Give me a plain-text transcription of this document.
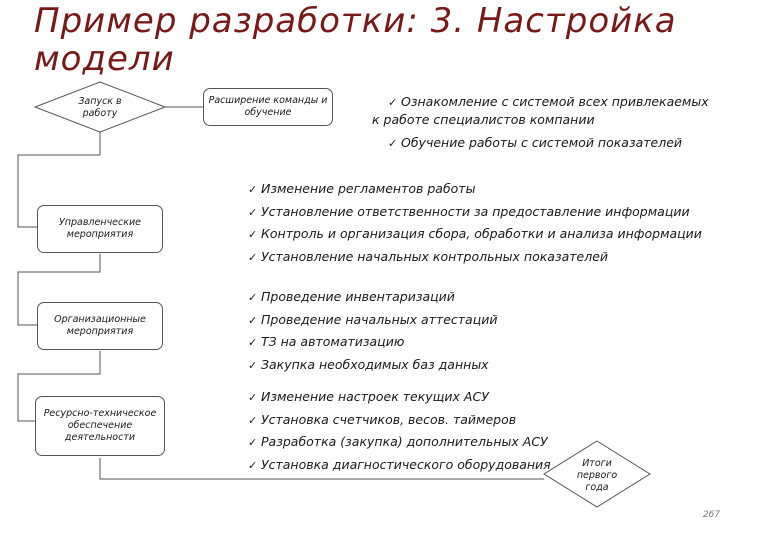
Пример разработки: 3. Настройка модели
Запуск в работу
Расширение команды и обучение
Управленческие мероприятия
Организационные мероприятия
Ресурсно-техническое обеспечение деятельности
Итоги первого года
✓ Ознакомление с системой всех привлекаемых
к работе специалистов компании
✓ Обучение работы с системой показателей
✓ Изменение регламентов работы
✓ Установление ответственности за предоставление информации
✓ Контроль и организация сбора, обработки и анализа информации
✓ Установление начальных контрольных показателей
✓ Проведение инвентаризаций
✓ Проведение начальных аттестаций
✓ ТЗ на автоматизацию
✓ Закупка необходимых баз данных
✓ Изменение настроек текущих АСУ
✓ Установка счетчиков, весов. таймеров
✓ Разработка (закупка) дополнительных АСУ
✓ Установка диагностического оборудования
267
